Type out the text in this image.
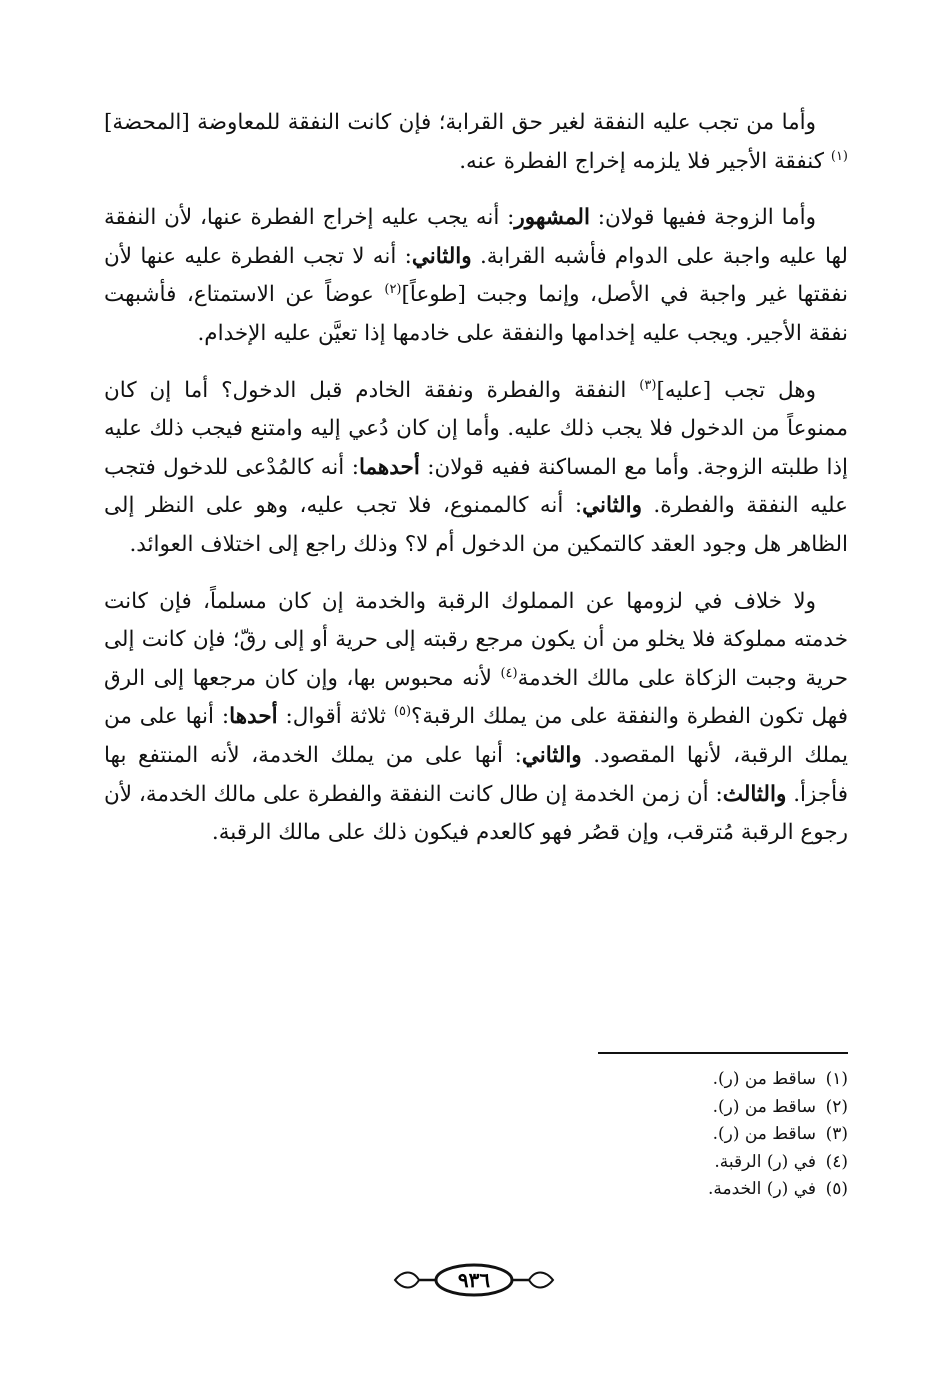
وأما من تجب عليه النفقة لغير حق القرابة؛ فإن كانت النفقة للمعاوضة [المحضة]$^{(١)}$ كنفقة الأجير فلا يلزمه إخراج الفطرة عنه.

وأما الزوجة ففيها قولان: المشهور: أنه يجب عليه إخراج الفطرة عنها، لأن النفقة لها عليه واجبة على الدوام فأشبه القرابة. والثاني: أنه لا تجب الفطرة عليه عنها لأن نفقتها غير واجبة في الأصل، وإنما وجبت [طوعاً]$^{(٢)}$ عوضاً عن الاستمتاع، فأشبهت نفقة الأجير. ويجب عليه إخدامها والنفقة على خادمها إذا تعيَّن عليه الإخدام.

وهل تجب [عليه]$^{(٣)}$ النفقة والفطرة ونفقة الخادم قبل الدخول؟ أما إن كان ممنوعاً من الدخول فلا يجب ذلك عليه. وأما إن كان دُعي إليه وامتنع فيجب ذلك عليه إذا طلبته الزوجة. وأما مع المساكنة ففيه قولان: أحدهما: أنه كالمُدْعى للدخول فتجب عليه النفقة والفطرة. والثاني: أنه كالممنوع، فلا تجب عليه، وهو على النظر إلى الظاهر هل وجود العقد كالتمكين من الدخول أم لا؟ وذلك راجع إلى اختلاف العوائد.

ولا خلاف في لزومها عن المملوك الرقبة والخدمة إن كان مسلماً، فإن كانت خدمته مملوكة فلا يخلو من أن يكون مرجع رقبته إلى حرية أو إلى رقّ؛ فإن كانت إلى حرية وجبت الزكاة على مالك الخدمة$^{(٤)}$ لأنه محبوس بها، وإن كان مرجعها إلى الرق فهل تكون الفطرة والنفقة على من يملك الرقبة؟$^{(٥)}$ ثلاثة أقوال: أحدها: أنها على من يملك الرقبة، لأنها المقصود. والثاني: أنها على من يملك الخدمة، لأنه المنتفع بها فأجزأ. والثالث: أن زمن الخدمة إن طال كانت النفقة والفطرة على مالك الخدمة، لأن رجوع الرقبة مُترقب، وإن قصُر فهو كالعدم فيكون ذلك على مالك الرقبة.

(١)ساقط من (ر).
(٢)ساقط من (ر).
(٣)ساقط من (ر).
(٤)في (ر) الرقبة.
(٥)في (ر) الخدمة.
٩٣٦
